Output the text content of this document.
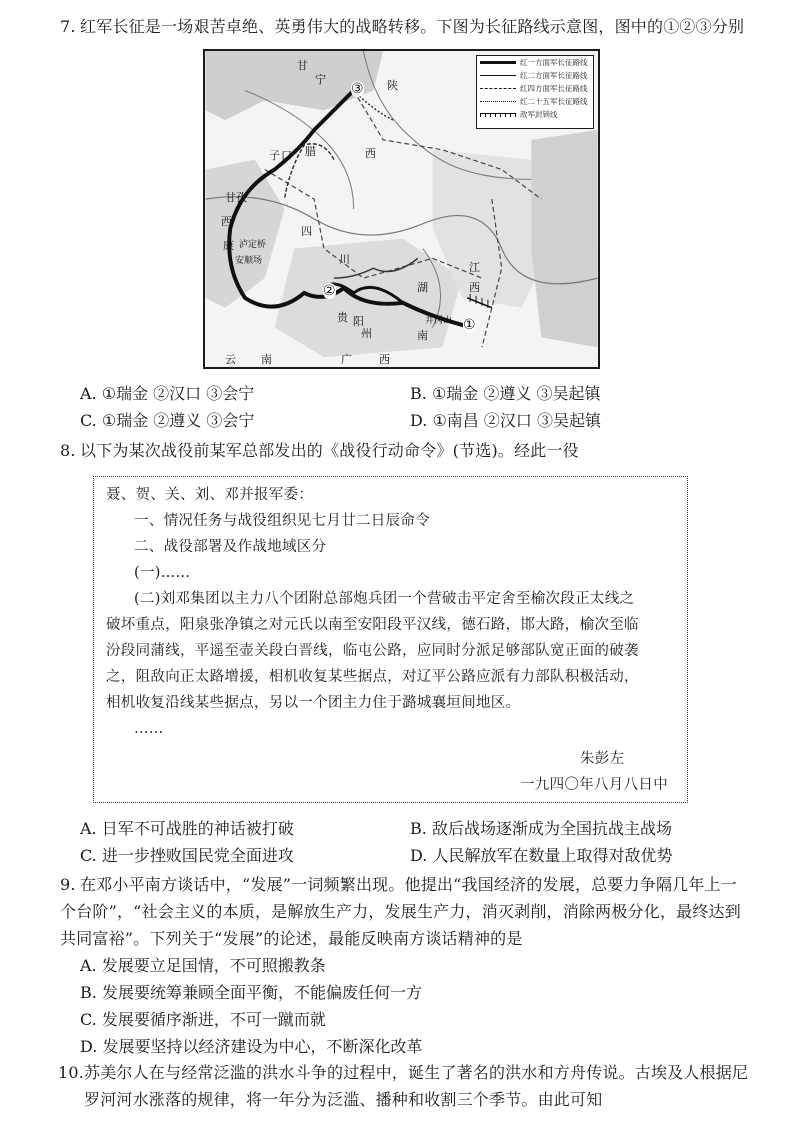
7. 红军长征是一场艰苦卓绝、英勇伟大的战略转移。下图为长征路线示意图，图中的①②③分别
红一方面军长征路线
红二方面军长征路线
红四方面军长征路线
红二十五军长征路线
敌军封锁线
甘
陕
宁
西
腊
子 口
甘孜
西
康 泸定桥
安顺场
四
川
湖
南
江
西
贵 阳
州
井冈山
云 南	广 西
①
②
③
A. ①瑞金 ②汉口 ③会宁	B. ①瑞金 ②遵义 ③吴起镇
C. ①瑞金 ②遵义 ③会宁	D. ①南昌 ②汉口 ③吴起镇
8. 以下为某次战役前某军总部发出的《战役行动命令》(节选)。经此一役
聂、贺、关、刘、邓并报军委：
一、情况任务与战役组织见七月廿二日辰命令
二、战役部署及作战地域区分
(一)……
(二)刘邓集团以主力八个团附总部炮兵团一个营破击平定舍至榆次段正太线之
破坏重点，阳泉张净镇之对元氏以南至安阳段平汉线，德石路，邯大路，榆次至临
汾段同蒲线，平遥至壶关段白晋线，临屯公路，应同时分派足够部队宽正面的破袭
之，阻敌向正太路增援，相机收复某些据点，对辽平公路应派有力部队积极活动，
相机收复沿线某些据点，另以一个团主力住于潞城襄垣间地区。
……
朱彭左
一九四〇年八月八日中
A. 日军不可战胜的神话被打破	B. 敌后战场逐渐成为全国抗战主战场
C. 进一步挫败国民党全面进攻	D. 人民解放军在数量上取得对敌优势
9. 在邓小平南方谈话中，“发展”一词频繁出现。他提出“我国经济的发展，总要力争隔几年上一
个台阶”，“社会主义的本质，是解放生产力，发展生产力，消灭剥削，消除两极分化，最终达到
共同富裕”。下列关于“发展”的论述，最能反映南方谈话精神的是
A. 发展要立足国情，不可照搬教条
B. 发展要统筹兼顾全面平衡，不能偏废任何一方
C. 发展要循序渐进，不可一蹴而就
D. 发展要坚持以经济建设为中心，不断深化改革
10. 苏美尔人在与经常泛滥的洪水斗争的过程中，诞生了著名的洪水和方舟传说。古埃及人根据尼
罗河河水涨落的规律，将一年分为泛滥、播种和收割三个季节。由此可知
